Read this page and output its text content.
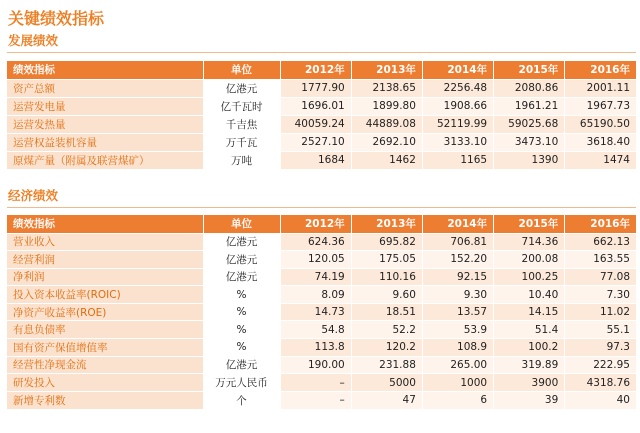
关键绩效指标
发展绩效
绩效指标	单位	2012年	2013年	2014年	2015年	2016年
资产总额	亿港元	1777.90	2138.65	2256.48	2080.86	2001.11
运营发电量	亿千瓦时	1696.01	1899.80	1908.66	1961.21	1967.73
运营发热量	千吉焦	40059.24	44889.08	52119.99	59025.68	65190.50
运营权益装机容量	万千瓦	2527.10	2692.10	3133.10	3473.10	3618.40
原煤产量（附属及联营煤矿）	万吨	1684	1462	1165	1390	1474
经济绩效
绩效指标	单位	2012年	2013年	2014年	2015年	2016年
营业收入	亿港元	624.36	695.82	706.81	714.36	662.13
经营利润	亿港元	120.05	175.05	152.20	200.08	163.55
净利润	亿港元	74.19	110.16	92.15	100.25	77.08
投入资本收益率(ROIC)	%	8.09	9.60	9.30	10.40	7.30
净资产收益率(ROE)	%	14.73	18.51	13.57	14.15	11.02
有息负债率	%	54.8	52.2	53.9	51.4	55.1
国有资产保值增值率	%	113.8	120.2	108.9	100.2	97.3
经营性净现金流	亿港元	190.00	231.88	265.00	319.89	222.95
研发投入	万元人民币	–	5000	1000	3900	4318.76
新增专利数	个	–	47	6	39	40
